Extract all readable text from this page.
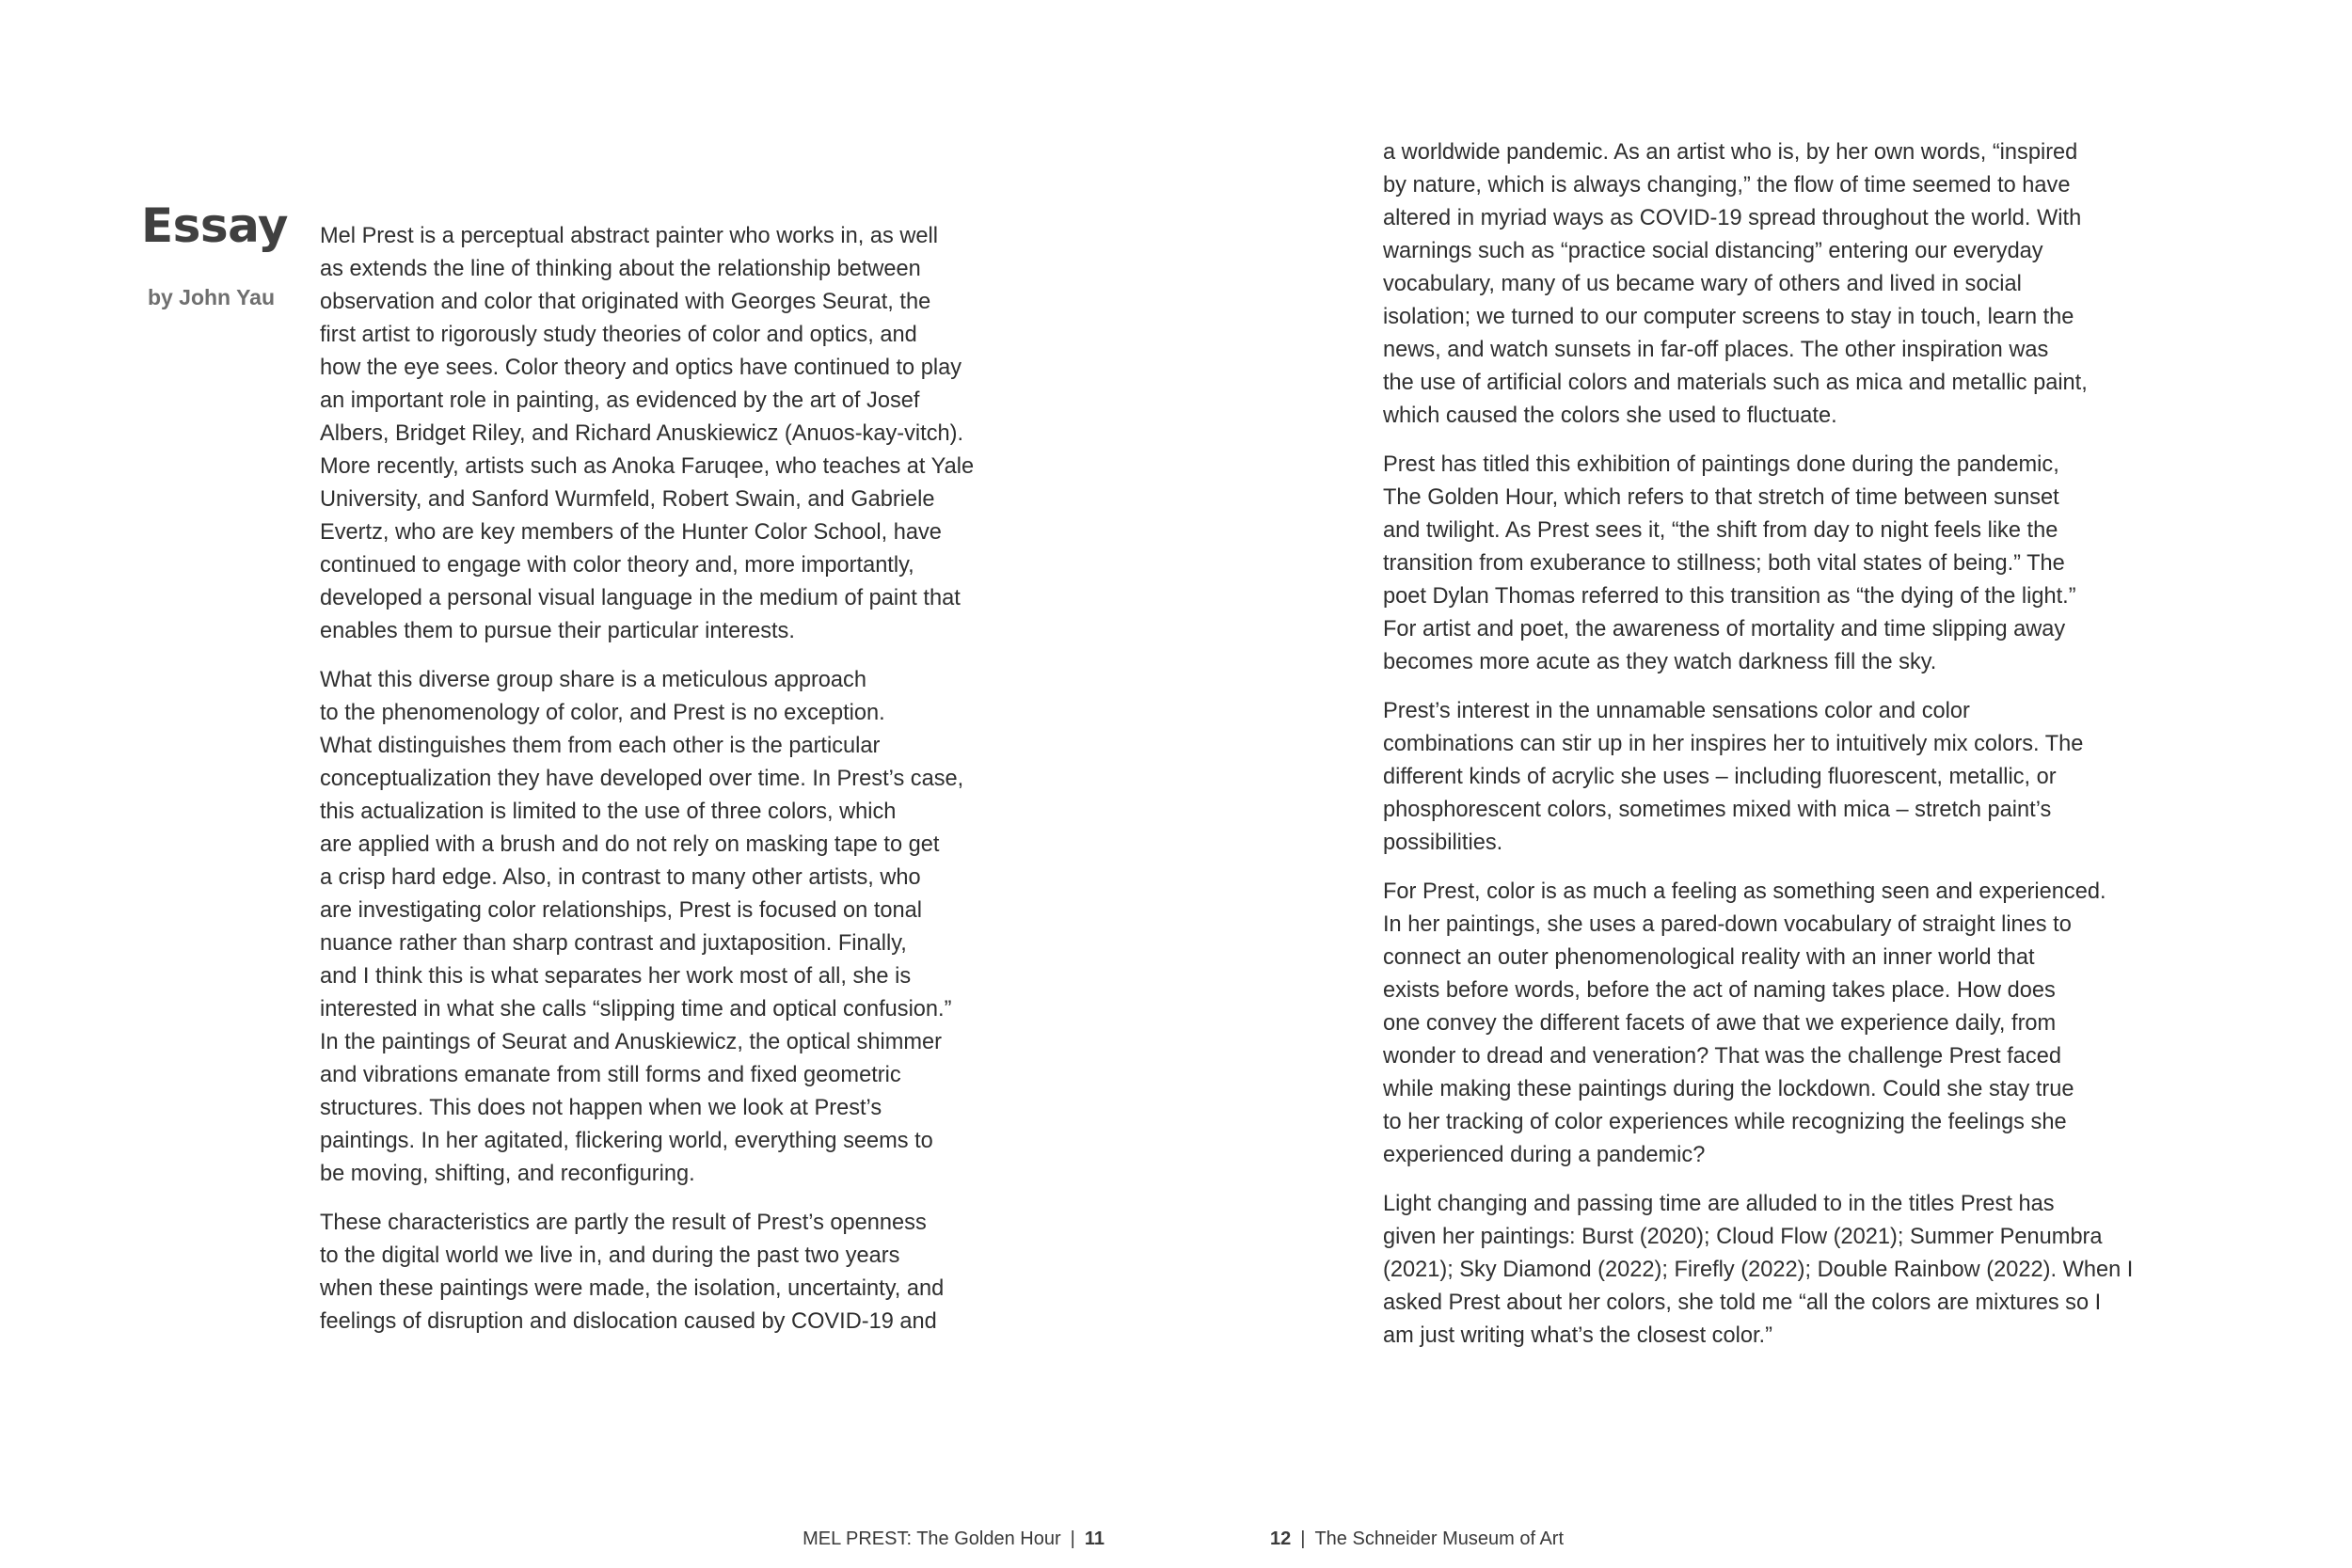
Essay
by John Yau
Mel Prest is a perceptual abstract painter who works in, as well
as extends the line of thinking about the relationship between
observation and color that originated with Georges Seurat, the
first artist to rigorously study theories of color and optics, and
how the eye sees. Color theory and optics have continued to play
an important role in painting, as evidenced by the art of Josef
Albers, Bridget Riley, and Richard Anuskiewicz (Anuos-kay-vitch).
More recently, artists such as Anoka Faruqee, who teaches at Yale
University, and Sanford Wurmfeld, Robert Swain, and Gabriele
Evertz, who are key members of the Hunter Color School, have
continued to engage with color theory and, more importantly,
developed a personal visual language in the medium of paint that
enables them to pursue their particular interests.
What this diverse group share is a meticulous approach
to the phenomenology of color, and Prest is no exception.
What distinguishes them from each other is the particular
conceptualization they have developed over time. In Prest’s case,
this actualization is limited to the use of three colors, which
are applied with a brush and do not rely on masking tape to get
a crisp hard edge. Also, in contrast to many other artists, who
are investigating color relationships, Prest is focused on tonal
nuance rather than sharp contrast and juxtaposition. Finally,
and I think this is what separates her work most of all, she is
interested in what she calls “slipping time and optical confusion.”
In the paintings of Seurat and Anuskiewicz, the optical shimmer
and vibrations emanate from still forms and fixed geometric
structures. This does not happen when we look at Prest’s
paintings. In her agitated, flickering world, everything seems to
be moving, shifting, and reconfiguring.
These characteristics are partly the result of Prest’s openness
to the digital world we live in, and during the past two years
when these paintings were made, the isolation, uncertainty, and
feelings of disruption and dislocation caused by COVID-19 and
a worldwide pandemic. As an artist who is, by her own words, “inspired
by nature, which is always changing,” the flow of time seemed to have
altered in myriad ways as COVID-19 spread throughout the world. With
warnings such as “practice social distancing” entering our everyday
vocabulary, many of us became wary of others and lived in social
isolation; we turned to our computer screens to stay in touch, learn the
news, and watch sunsets in far-off places. The other inspiration was
the use of artificial colors and materials such as mica and metallic paint,
which caused the colors she used to fluctuate.
Prest has titled this exhibition of paintings done during the pandemic,
The Golden Hour, which refers to that stretch of time between sunset
and twilight. As Prest sees it, “the shift from day to night feels like the
transition from exuberance to stillness; both vital states of being.” The
poet Dylan Thomas referred to this transition as “the dying of the light.”
For artist and poet, the awareness of mortality and time slipping away
becomes more acute as they watch darkness fill the sky.
Prest’s interest in the unnamable sensations color and color
combinations can stir up in her inspires her to intuitively mix colors. The
different kinds of acrylic she uses – including fluorescent, metallic, or
phosphorescent colors, sometimes mixed with mica – stretch paint’s
possibilities.
For Prest, color is as much a feeling as something seen and experienced.
In her paintings, she uses a pared-down vocabulary of straight lines to
connect an outer phenomenological reality with an inner world that
exists before words, before the act of naming takes place. How does
one convey the different facets of awe that we experience daily, from
wonder to dread and veneration? That was the challenge Prest faced
while making these paintings during the lockdown. Could she stay true
to her tracking of color experiences while recognizing the feelings she
experienced during a pandemic?
Light changing and passing time are alluded to in the titles Prest has
given her paintings: Burst (2020); Cloud Flow (2021); Summer Penumbra
(2021); Sky Diamond (2022); Firefly (2022); Double Rainbow (2022). When I
asked Prest about her colors, she told me “all the colors are mixtures so I
am just writing what’s the closest color.”
MEL PREST: The Golden Hour | 11	12 | The Schneider Museum of Art
